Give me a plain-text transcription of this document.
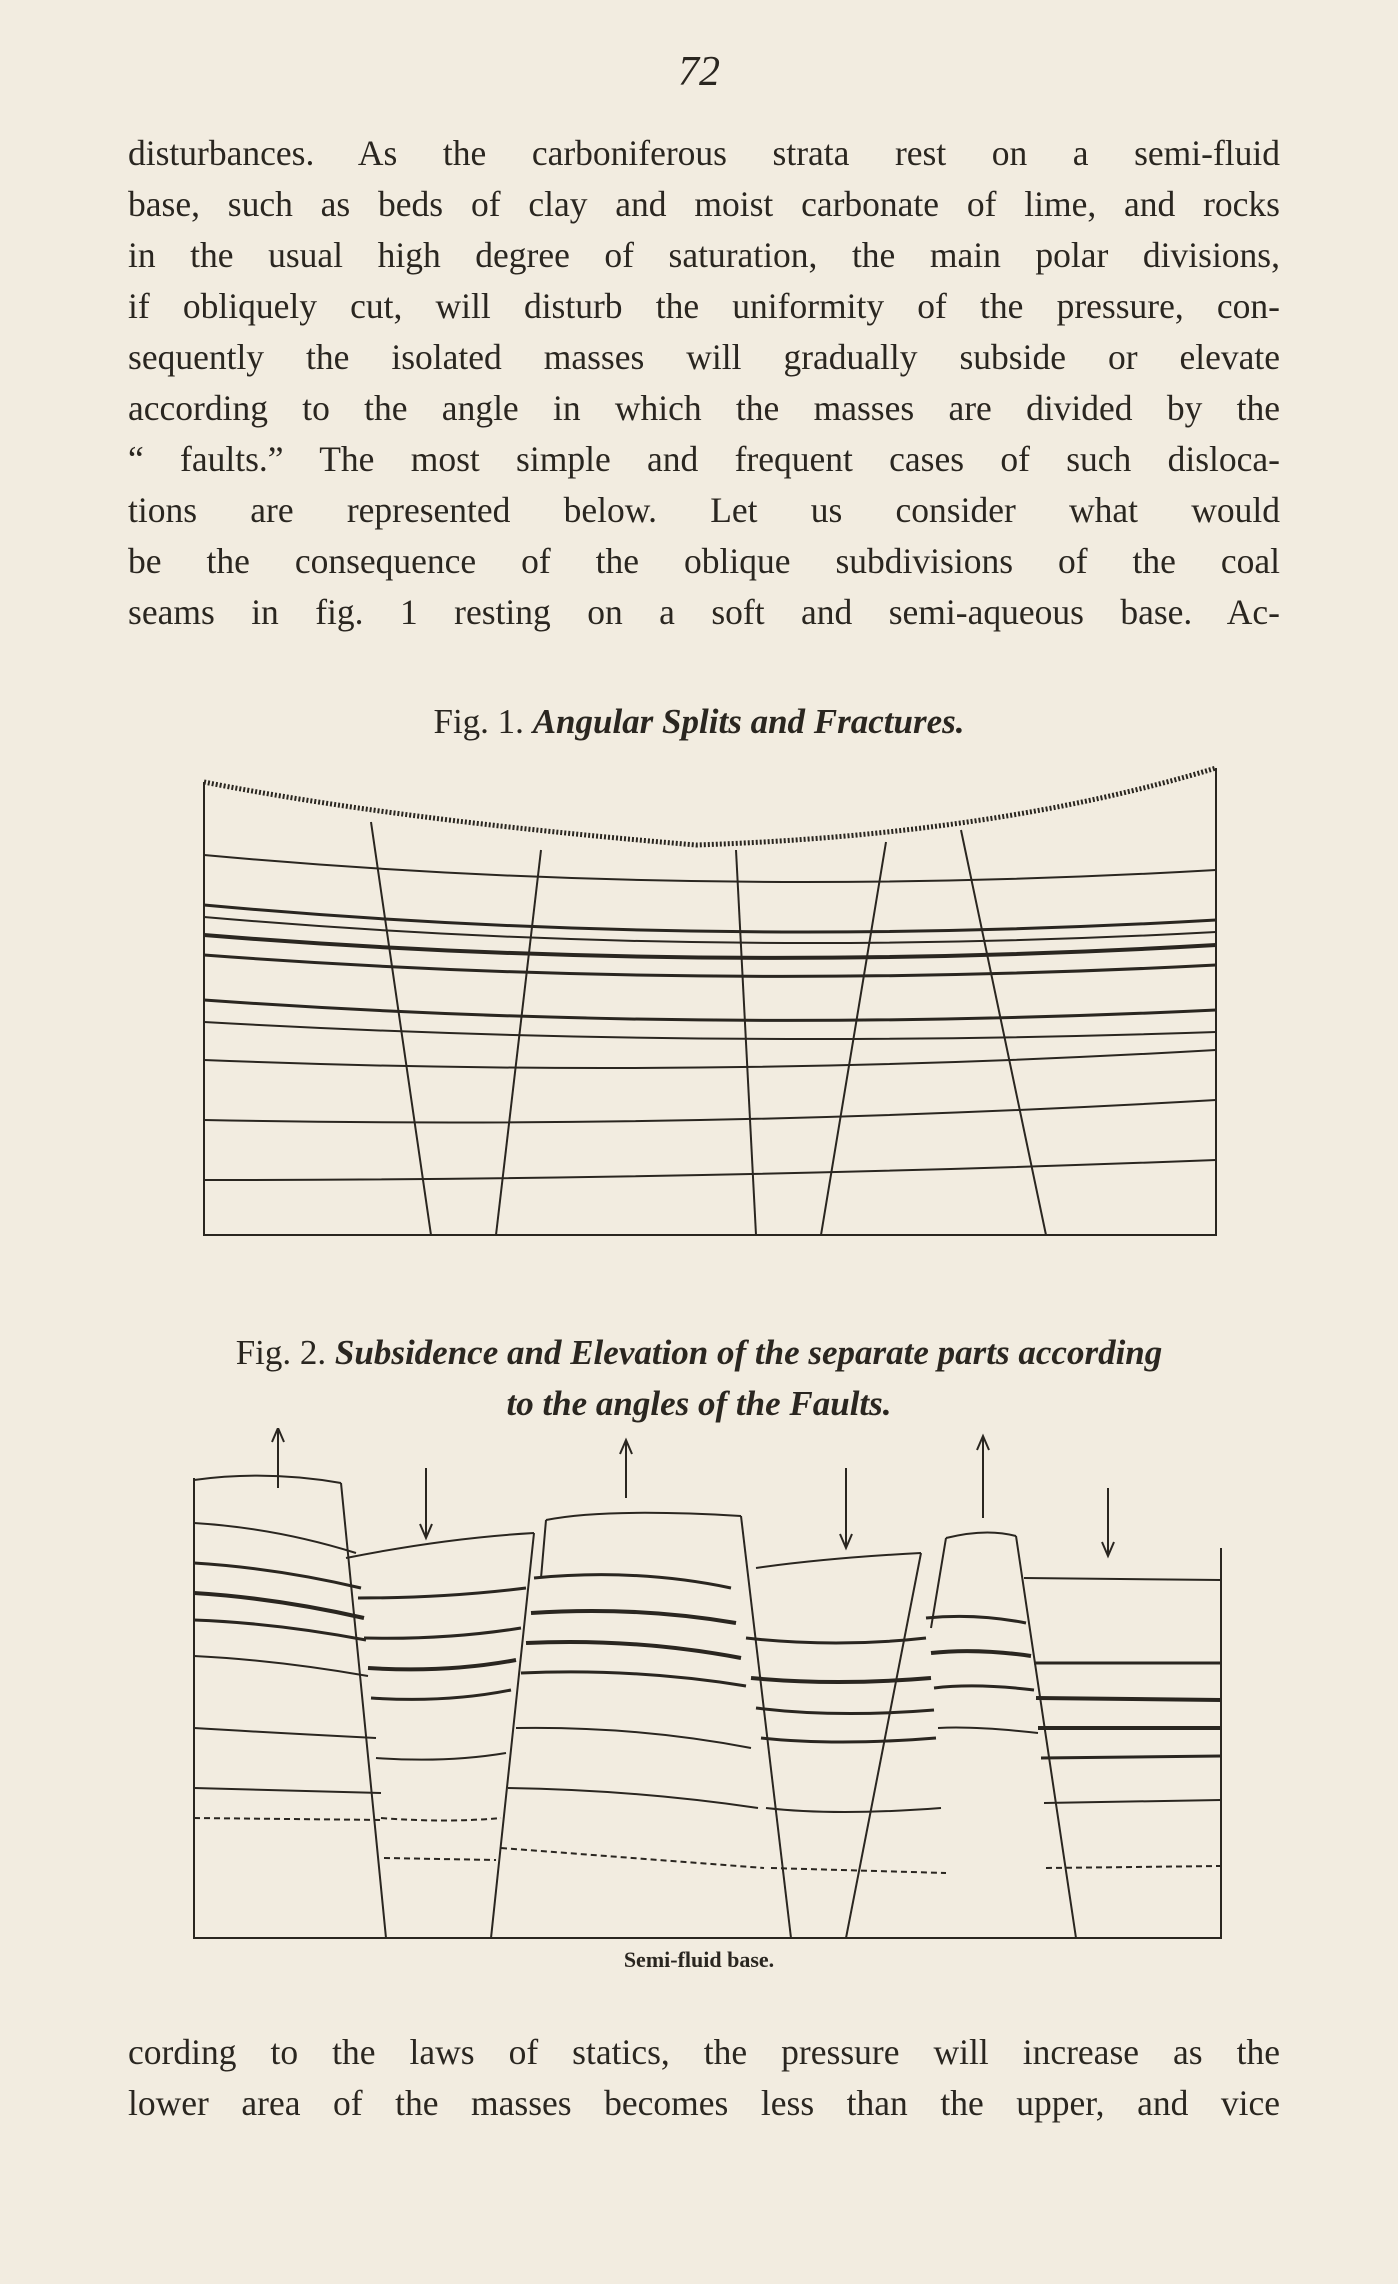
72

disturbances. As the carboniferous strata rest on a semi-fluid
base, such as beds of clay and moist carbonate of lime, and rocks
in the usual high degree of saturation, the main polar divisions,
if obliquely cut, will disturb the uniformity of the pressure, con-
sequently the isolated masses will gradually subside or elevate
according to the angle in which the masses are divided by the
“ faults.” The most simple and frequent cases of such disloca-
tions are represented below. Let us consider what would
be the consequence of the oblique subdivisions of the coal
seams in fig. 1 resting on a soft and semi-aqueous base. Ac-

Fig. 1. Angular Splits and Fractures.
Fig. 2. Subsidence and Elevation of the separate parts according
to the angles of the Faults.
Semi-fluid base.

cording to the laws of statics, the pressure will increase as the
lower area of the masses becomes less than the upper, and vice
